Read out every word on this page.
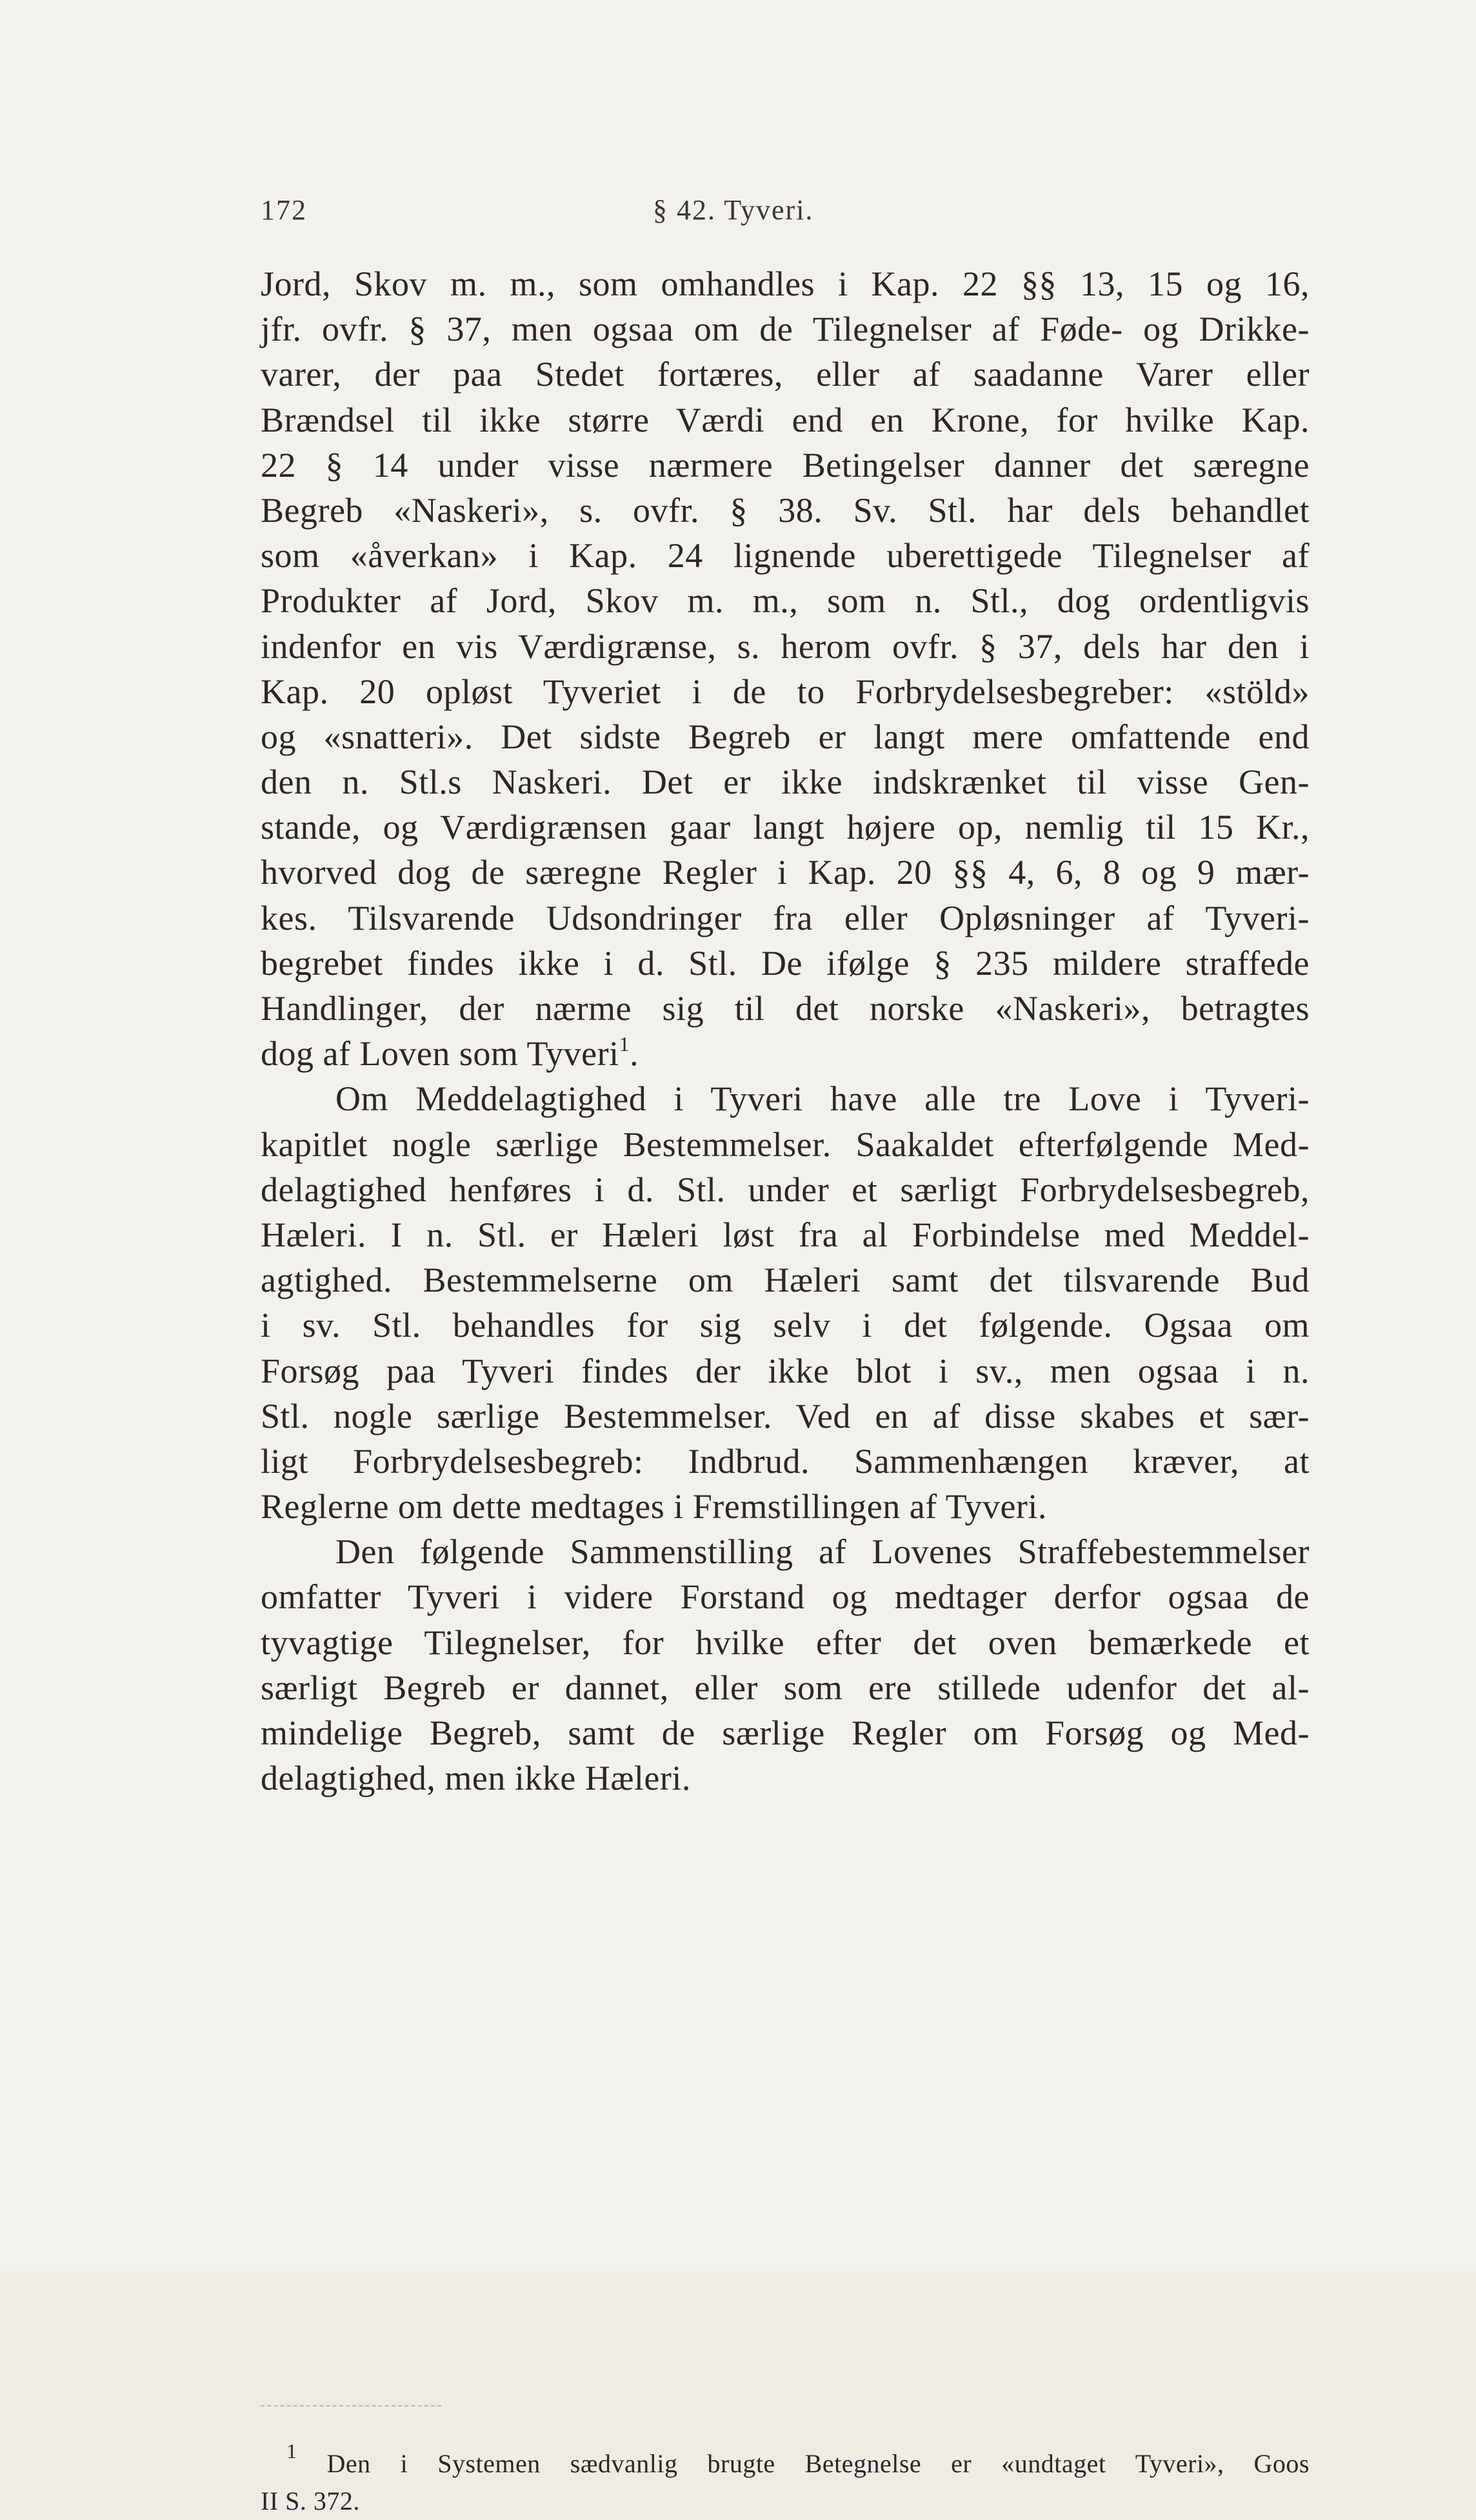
172	§ 42. Tyveri.
Jord, Skov m. m., som omhandles i Kap. 22 §§ 13, 15 og 16,
jfr. ovfr. § 37, men ogsaa om de Tilegnelser af Føde- og Drikke-
varer, der paa Stedet fortæres, eller af saadanne Varer eller
Brændsel til ikke større Værdi end en Krone, for hvilke Kap.
22 § 14 under visse nærmere Betingelser danner det særegne
Begreb «Naskeri», s. ovfr. § 38. Sv. Stl. har dels behandlet
som «åverkan» i Kap. 24 lignende uberettigede Tilegnelser af
Produkter af Jord, Skov m. m., som n. Stl., dog ordentligvis
indenfor en vis Værdigrænse, s. herom ovfr. § 37, dels har den i
Kap. 20 opløst Tyveriet i de to Forbrydelsesbegreber: «stöld»
og «snatteri». Det sidste Begreb er langt mere omfattende end
den n. Stl.s Naskeri. Det er ikke indskrænket til visse Gen-
stande, og Værdigrænsen gaar langt højere op, nemlig til 15 Kr.,
hvorved dog de særegne Regler i Kap. 20 §§ 4, 6, 8 og 9 mær-
kes. Tilsvarende Udsondringer fra eller Opløsninger af Tyveri-
begrebet findes ikke i d. Stl. De ifølge § 235 mildere straffede
Handlinger, der nærme sig til det norske «Naskeri», betragtes
dog af Loven som Tyveri$^1$.
Om Meddelagtighed i Tyveri have alle tre Love i Tyveri-
kapitlet nogle særlige Bestemmelser. Saakaldet efterfølgende Med-
delagtighed henføres i d. Stl. under et særligt Forbrydelsesbegreb,
Hæleri. I n. Stl. er Hæleri løst fra al Forbindelse med Meddel-
agtighed. Bestemmelserne om Hæleri samt det tilsvarende Bud
i sv. Stl. behandles for sig selv i det følgende. Ogsaa om
Forsøg paa Tyveri findes der ikke blot i sv., men ogsaa i n.
Stl. nogle særlige Bestemmelser. Ved en af disse skabes et sær-
ligt Forbrydelsesbegreb: Indbrud. Sammenhængen kræver, at
Reglerne om dette medtages i Fremstillingen af Tyveri.
Den følgende Sammenstilling af Lovenes Straffebestemmelser
omfatter Tyveri i videre Forstand og medtager derfor ogsaa de
tyvagtige Tilegnelser, for hvilke efter det oven bemærkede et
særligt Begreb er dannet, eller som ere stillede udenfor det al-
mindelige Begreb, samt de særlige Regler om Forsøg og Med-
delagtighed, men ikke Hæleri.
$^1$ Den i Systemen sædvanlig brugte Betegnelse er «undtaget Tyveri», Goos
II S. 372.
